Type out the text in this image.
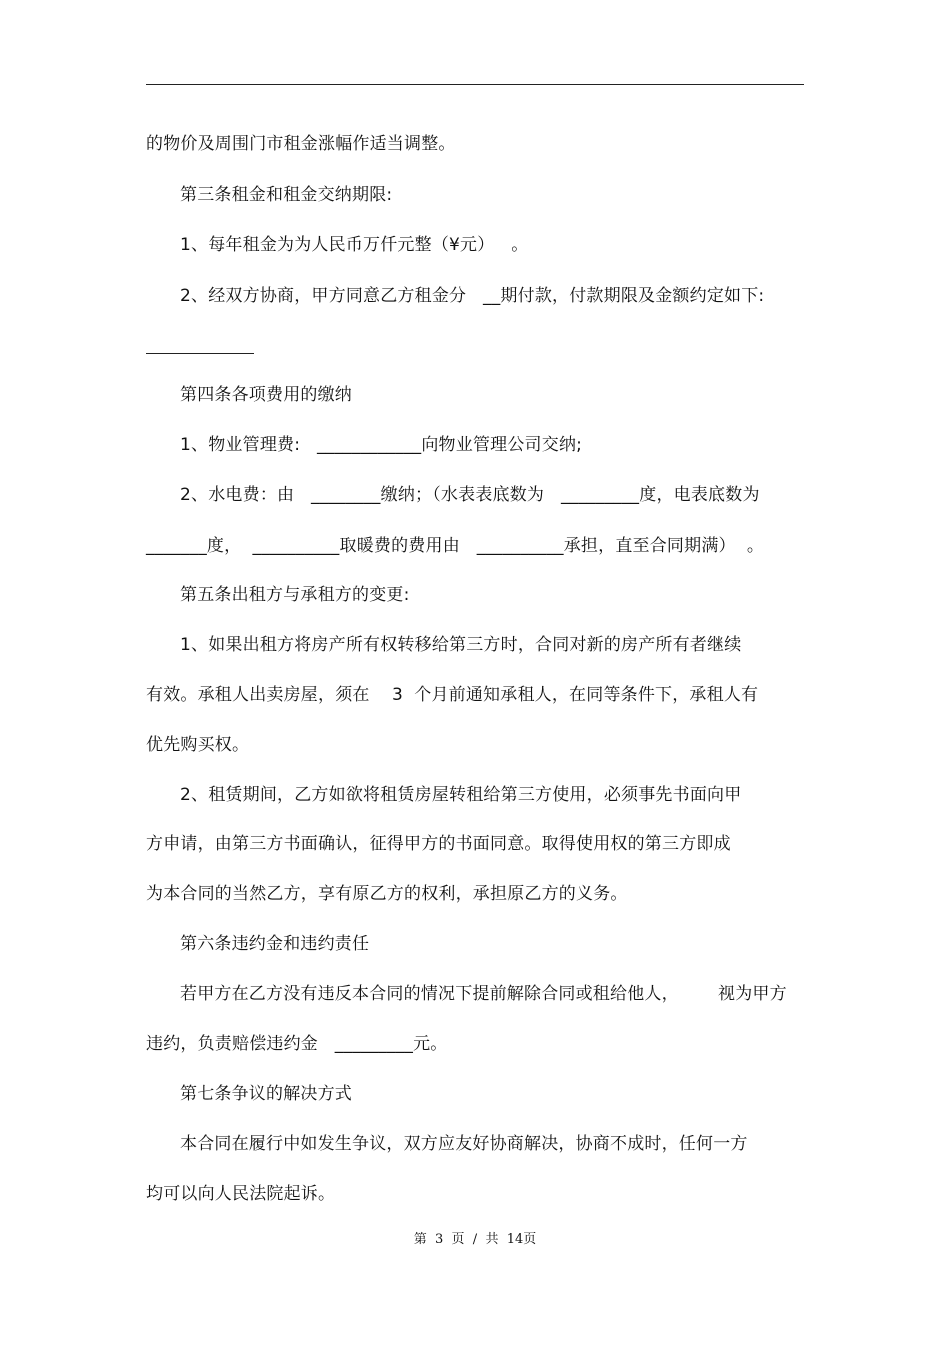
的物价及周围门市租金涨幅作适当调整。
第三条租金和租金交纳期限:
1、每年租金为为人民币万仟元整（¥元）   。
2、经双方协商，甲方同意乙方租金分   __期付款，付款期限及金额约定如下:
第四条各项费用的缴纳
1、物业管理费:   ____________向物业管理公司交纳;
2、水电费：由   ________缴纳；（水表表底数为   _________度，电表底数为
_______度，  __________取暖费的费用由   __________承担，直至合同期满）  。
第五条出租方与承租方的变更:
1、如果出租方将房产所有权转移给第三方时，合同对新的房产所有者继续
有效。承租人出卖房屋，须在    3  个月前通知承租人，在同等条件下，承租人有
优先购买权。
2、租赁期间，乙方如欲将租赁房屋转租给第三方使用，必须事先书面向甲
方申请，由第三方书面确认，征得甲方的书面同意。取得使用权的第三方即成
为本合同的当然乙方，享有原乙方的权利，承担原乙方的义务。
第六条违约金和违约责任
若甲方在乙方没有违反本合同的情况下提前解除合同或租给他人，       视为甲方
违约，负责赔偿违约金   _________元。
第七条争议的解决方式
本合同在履行中如发生争议，双方应友好协商解决，协商不成时，任何一方
均可以向人民法院起诉。
第  3  页  /  共  14页
